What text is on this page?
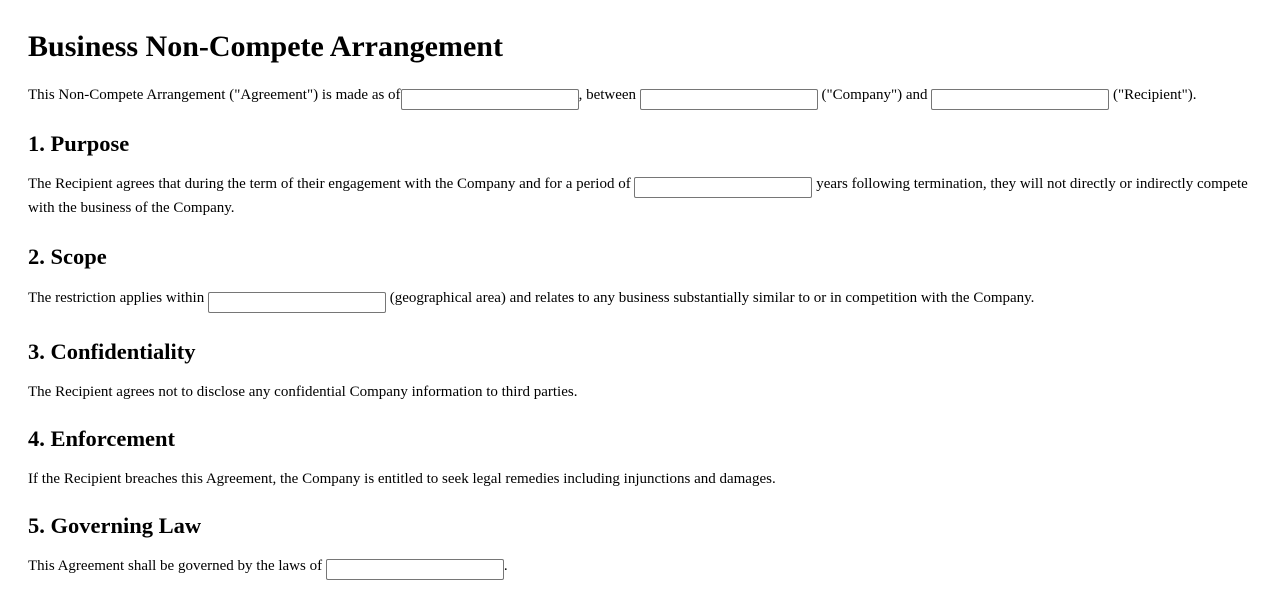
Business Non-Compete Arrangement

This Non-Compete Arrangement ("Agreement") is made as of	, between	("Company") and	("Recipient").

1. Purpose

The Recipient agrees that during the term of their engagement with the Company and for a period of	years following termination, they will not directly or indirectly compete with the business of the Company.

2. Scope

The restriction applies within	(geographical area) and relates to any business substantially similar to or in competition with the Company.

3. Confidentiality

The Recipient agrees not to disclose any confidential Company information to third parties.

4. Enforcement

If the Recipient breaches this Agreement, the Company is entitled to seek legal remedies including injunctions and damages.

5. Governing Law

This Agreement shall be governed by the laws of	.
